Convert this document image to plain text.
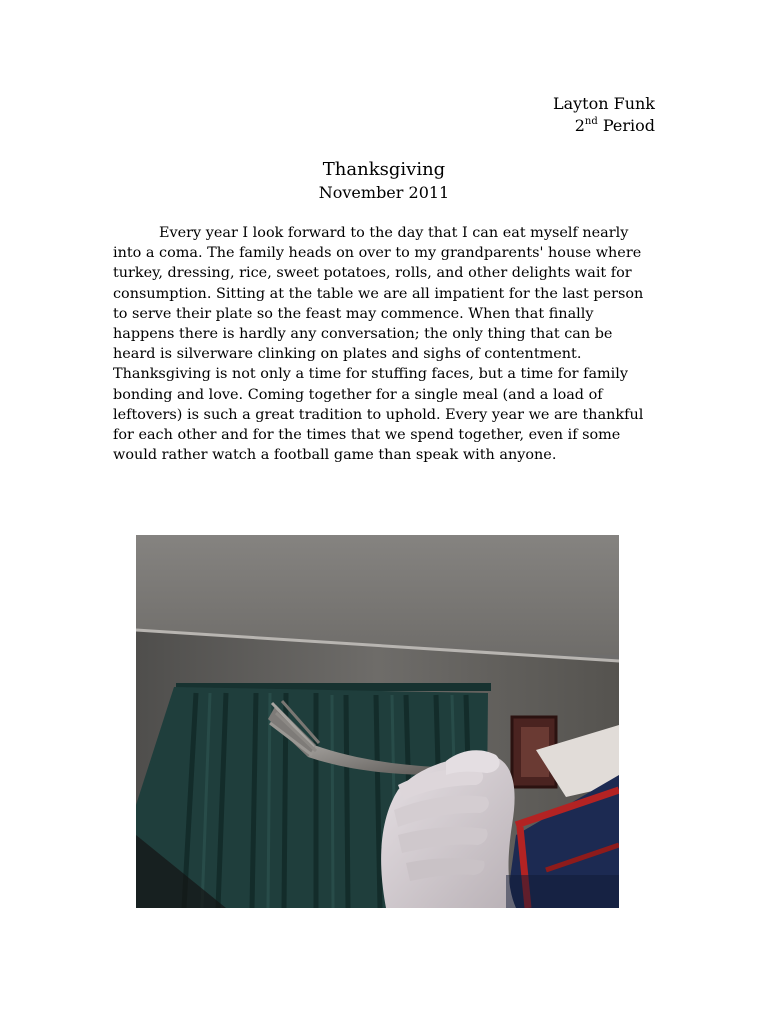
Layton Funk
2nd Period
Thanksgiving
November 2011

Every year I look forward to the day that I can eat myself nearly into a coma. The family heads on over to my grandparents' house where turkey, dressing, rice, sweet potatoes, rolls, and other delights wait for consumption. Sitting at the table we are all impatient for the last person to serve their plate so the feast may commence. When that finally happens there is hardly any conversation; the only thing that can be heard is silverware clinking on plates and sighs of contentment. Thanksgiving is not only a time for stuffing faces, but a time for family bonding and love. Coming together for a single meal (and a load of leftovers) is such a great tradition to uphold. Every year we are thankful for each other and for the times that we spend together, even if some would rather watch a football game than speak with anyone.
